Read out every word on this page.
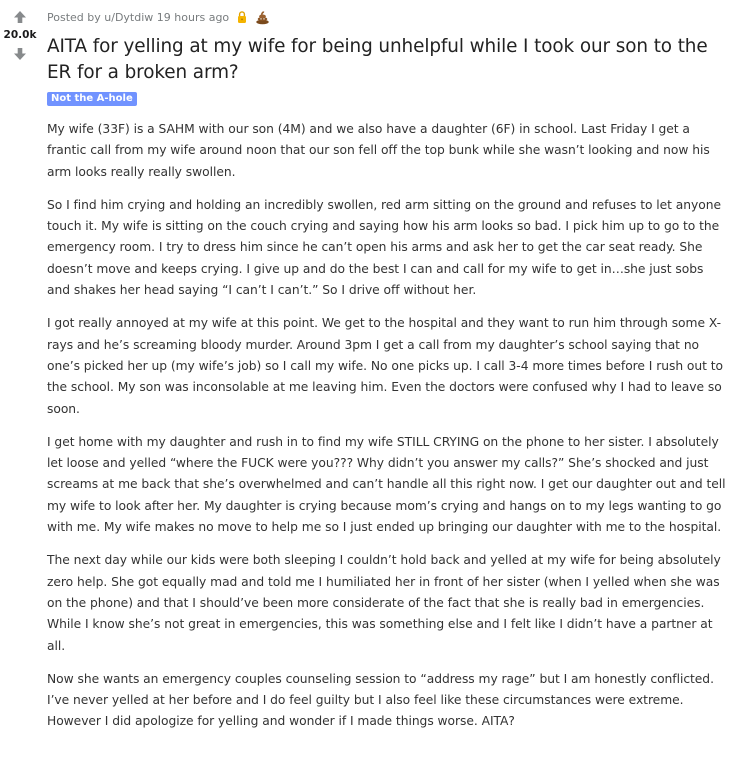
20.0k
Posted by
u/Dytdiw
19 hours ago
AITA for yelling at my wife for being unhelpful while I took our son to the ER for a broken arm?
Not the A-hole

My wife (33F) is a SAHM with our son (4M) and we also have a daughter (6F) in school. Last Friday I get a frantic call from my wife around noon that our son fell off the top bunk while she wasn’t looking and now his arm looks really really swollen.

So I find him crying and holding an incredibly swollen, red arm sitting on the ground and refuses to let anyone touch it. My wife is sitting on the couch crying and saying how his arm looks so bad. I pick him up to go to the emergency room. I try to dress him since he can’t open his arms and ask her to get the car seat ready. She doesn’t move and keeps crying. I give up and do the best I can and call for my wife to get in…she just sobs and shakes her head saying “I can’t I can’t.” So I drive off without her.

I got really annoyed at my wife at this point. We get to the hospital and they want to run him through some X-rays and he’s screaming bloody murder. Around 3pm I get a call from my daughter’s school saying that no one’s picked her up (my wife’s job) so I call my wife. No one picks up. I call 3-4 more times before I rush out to the school. My son was inconsolable at me leaving him. Even the doctors were confused why I had to leave so soon.

I get home with my daughter and rush in to find my wife STILL CRYING on the phone to her sister. I absolutely let loose and yelled “where the FUCK were you??? Why didn’t you answer my calls?” She’s shocked and just screams at me back that she’s overwhelmed and can’t handle all this right now. I get our daughter out and tell my wife to look after her. My daughter is crying because mom’s crying and hangs on to my legs wanting to go with me. My wife makes no move to help me so I just ended up bringing our daughter with me to the hospital.

The next day while our kids were both sleeping I couldn’t hold back and yelled at my wife for being absolutely zero help. She got equally mad and told me I humiliated her in front of her sister (when I yelled when she was on the phone) and that I should’ve been more considerate of the fact that she is really bad in emergencies. While I know she’s not great in emergencies, this was something else and I felt like I didn’t have a partner at all.

Now she wants an emergency couples counseling session to “address my rage” but I am honestly conflicted. I’ve never yelled at her before and I do feel guilty but I also feel like these circumstances were extreme. However I did apologize for yelling and wonder if I made things worse. AITA?
